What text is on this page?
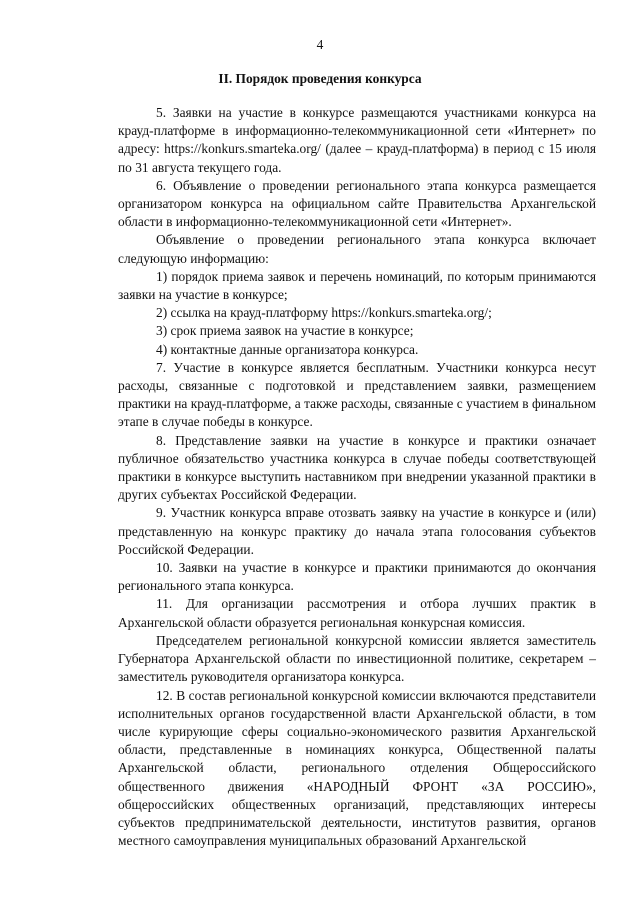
4
II. Порядок проведения конкурса

5. Заявки на участие в конкурсе размещаются участниками конкурса на крауд-платформе в информационно-телекоммуникационной сети «Интернет» по адресу: https://konkurs.smarteka.org/ (далее – крауд-платформа) в период с 15 июля по 31 августа текущего года.

6. Объявление о проведении регионального этапа конкурса размещается организатором конкурса на официальном сайте Правительства Архангельской области в информационно-телекоммуникационной сети «Интернет».

Объявление о проведении регионального этапа конкурса включает следующую информацию:

1) порядок приема заявок и перечень номинаций, по которым принимаются заявки на участие в конкурсе;

2) ссылка на крауд-платформу https://konkurs.smarteka.org/;

3) срок приема заявок на участие в конкурсе;

4) контактные данные организатора конкурса.

7. Участие в конкурсе является бесплатным. Участники конкурса несут расходы, связанные с подготовкой и представлением заявки, размещением практики на крауд-платформе, а также расходы, связанные с участием в финальном этапе в случае победы в конкурсе.

8. Представление заявки на участие в конкурсе и практики означает публичное обязательство участника конкурса в случае победы соответствующей практики в конкурсе выступить наставником при внедрении указанной практики в других субъектах Российской Федерации.

9. Участник конкурса вправе отозвать заявку на участие в конкурсе и (или) представленную на конкурс практику до начала этапа голосования субъектов Российской Федерации.

10. Заявки на участие в конкурсе и практики принимаются до окончания регионального этапа конкурса.

11. Для организации рассмотрения и отбора лучших практик в Архангельской области образуется региональная конкурсная комиссия.

Председателем региональной конкурсной комиссии является заместитель Губернатора Архангельской области по инвестиционной политике, секретарем – заместитель руководителя организатора конкурса.

12. В состав региональной конкурсной комиссии включаются представители исполнительных органов государственной власти Архангельской области, в том числе курирующие сферы социально-экономического развития Архангельской области, представленные в номинациях конкурса, Общественной палаты Архангельской области, регионального отделения Общероссийского общественного движения «НАРОДНЫЙ ФРОНТ «ЗА РОССИЮ», общероссийских общественных организаций, представляющих интересы субъектов предпринимательской деятельности, институтов развития, органов местного самоуправления муниципальных образований Архангельской
